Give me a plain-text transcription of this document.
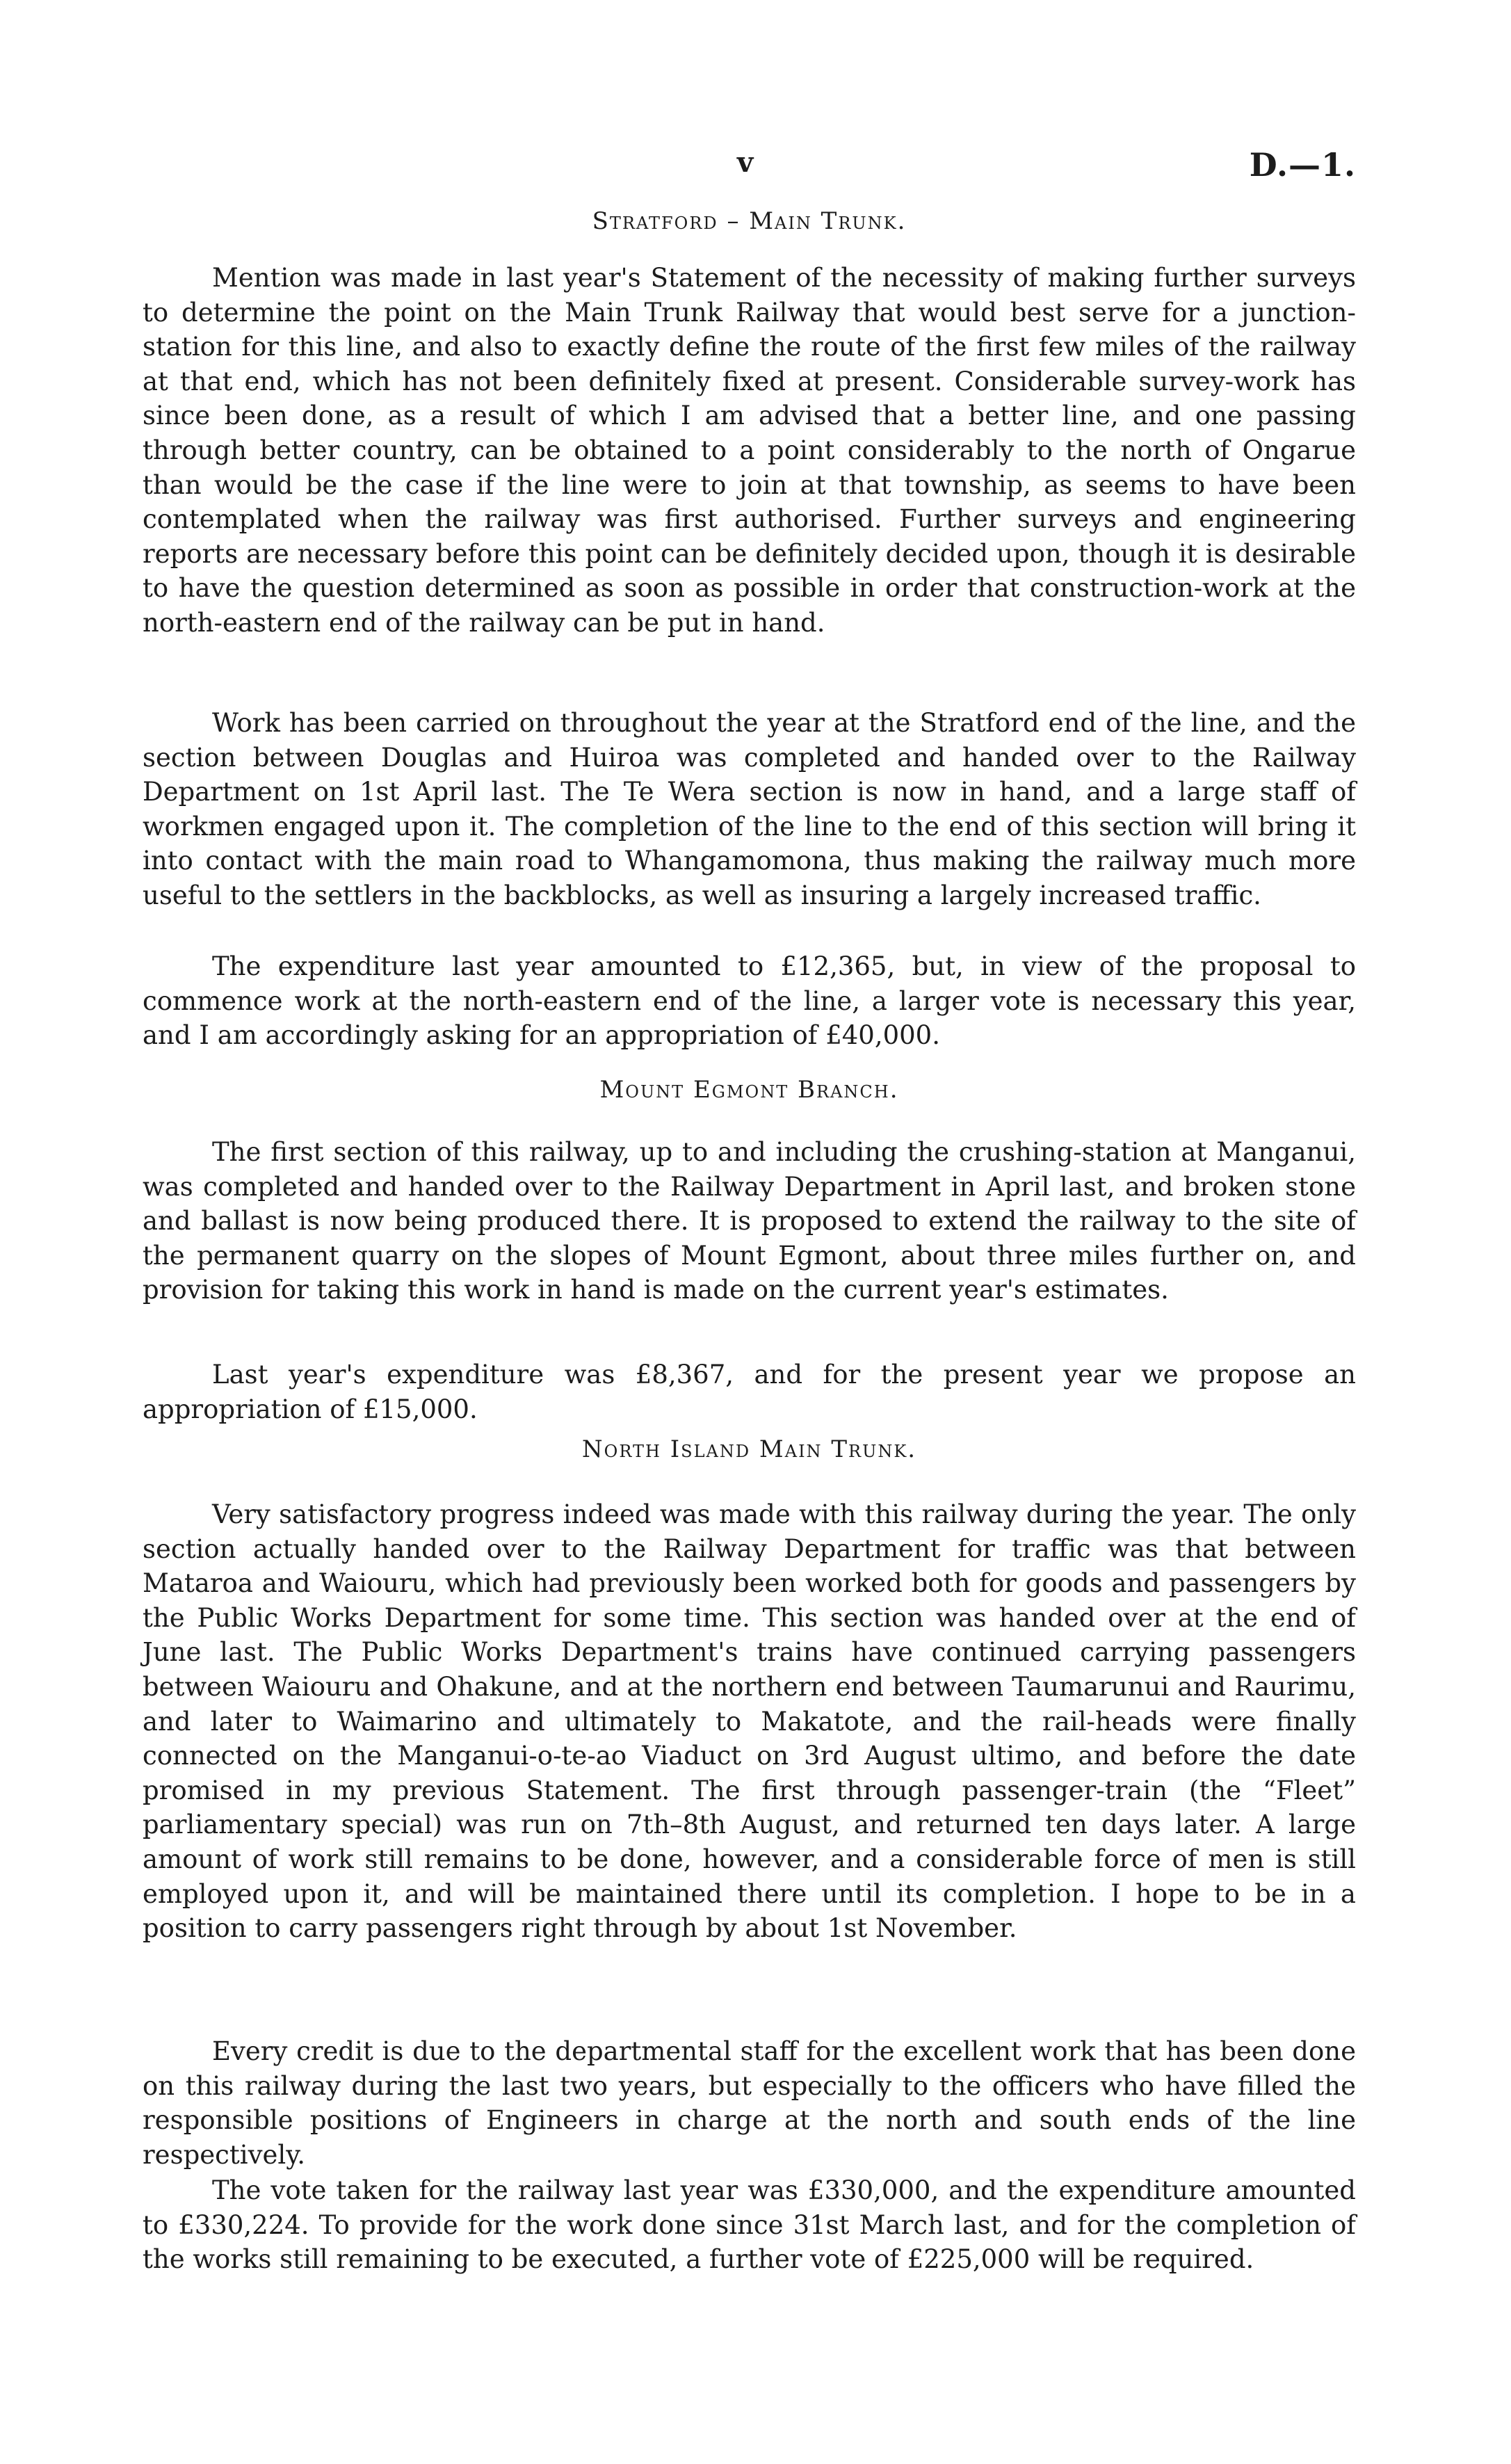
v	D.—1.
Stratford – Main Trunk.

Mention was made in last year's Statement of the necessity of making further surveys to determine the point on the Main Trunk Railway that would best serve for a junction-station for this line, and also to exactly define the route of the first few miles of the railway at that end, which has not been definitely fixed at present. Considerable survey-work has since been done, as a result of which I am advised that a better line, and one passing through better country, can be obtained to a point considerably to the north of Ongarue than would be the case if the line were to join at that township, as seems to have been contemplated when the railway was first authorised. Further surveys and engineering reports are necessary before this point can be definitely decided upon, though it is desirable to have the question determined as soon as possible in order that construction-work at the north-eastern end of the railway can be put in hand.

Work has been carried on throughout the year at the Stratford end of the line, and the section between Douglas and Huiroa was completed and handed over to the Railway Department on 1st April last. The Te Wera section is now in hand, and a large staff of workmen engaged upon it. The completion of the line to the end of this section will bring it into contact with the main road to Whangamomona, thus making the railway much more useful to the settlers in the backblocks, as well as insuring a largely increased traffic.

The expenditure last year amounted to £12,365, but, in view of the proposal to commence work at the north-eastern end of the line, a larger vote is necessary this year, and I am accordingly asking for an appropriation of £40,000.

Mount Egmont Branch.

The first section of this railway, up to and including the crushing-station at Manganui, was completed and handed over to the Railway Department in April last, and broken stone and ballast is now being produced there. It is proposed to extend the railway to the site of the permanent quarry on the slopes of Mount Egmont, about three miles further on, and provision for taking this work in hand is made on the current year's estimates.

Last year's expenditure was £8,367, and for the present year we propose an appropriation of £15,000.

North Island Main Trunk.

Very satisfactory progress indeed was made with this railway during the year. The only section actually handed over to the Railway Department for traffic was that between Mataroa and Waiouru, which had previously been worked both for goods and passengers by the Public Works Department for some time. This section was handed over at the end of June last. The Public Works Department's trains have continued carrying passengers between Waiouru and Ohakune, and at the northern end between Taumarunui and Raurimu, and later to Waimarino and ultimately to Makatote, and the rail-heads were finally connected on the Manganui-o-te-ao Viaduct on 3rd August ultimo, and before the date promised in my previous Statement. The first through passenger-train (the “Fleet” parliamentary special) was run on 7th–8th August, and returned ten days later. A large amount of work still remains to be done, however, and a considerable force of men is still employed upon it, and will be maintained there until its completion. I hope to be in a position to carry passengers right through by about 1st November.

Every credit is due to the departmental staff for the excellent work that has been done on this railway during the last two years, but especially to the officers who have filled the responsible positions of Engineers in charge at the north and south ends of the line respectively.

The vote taken for the railway last year was £330,000, and the expenditure amounted to £330,224. To provide for the work done since 31st March last, and for the completion of the works still remaining to be executed, a further vote of £225,000 will be required.
